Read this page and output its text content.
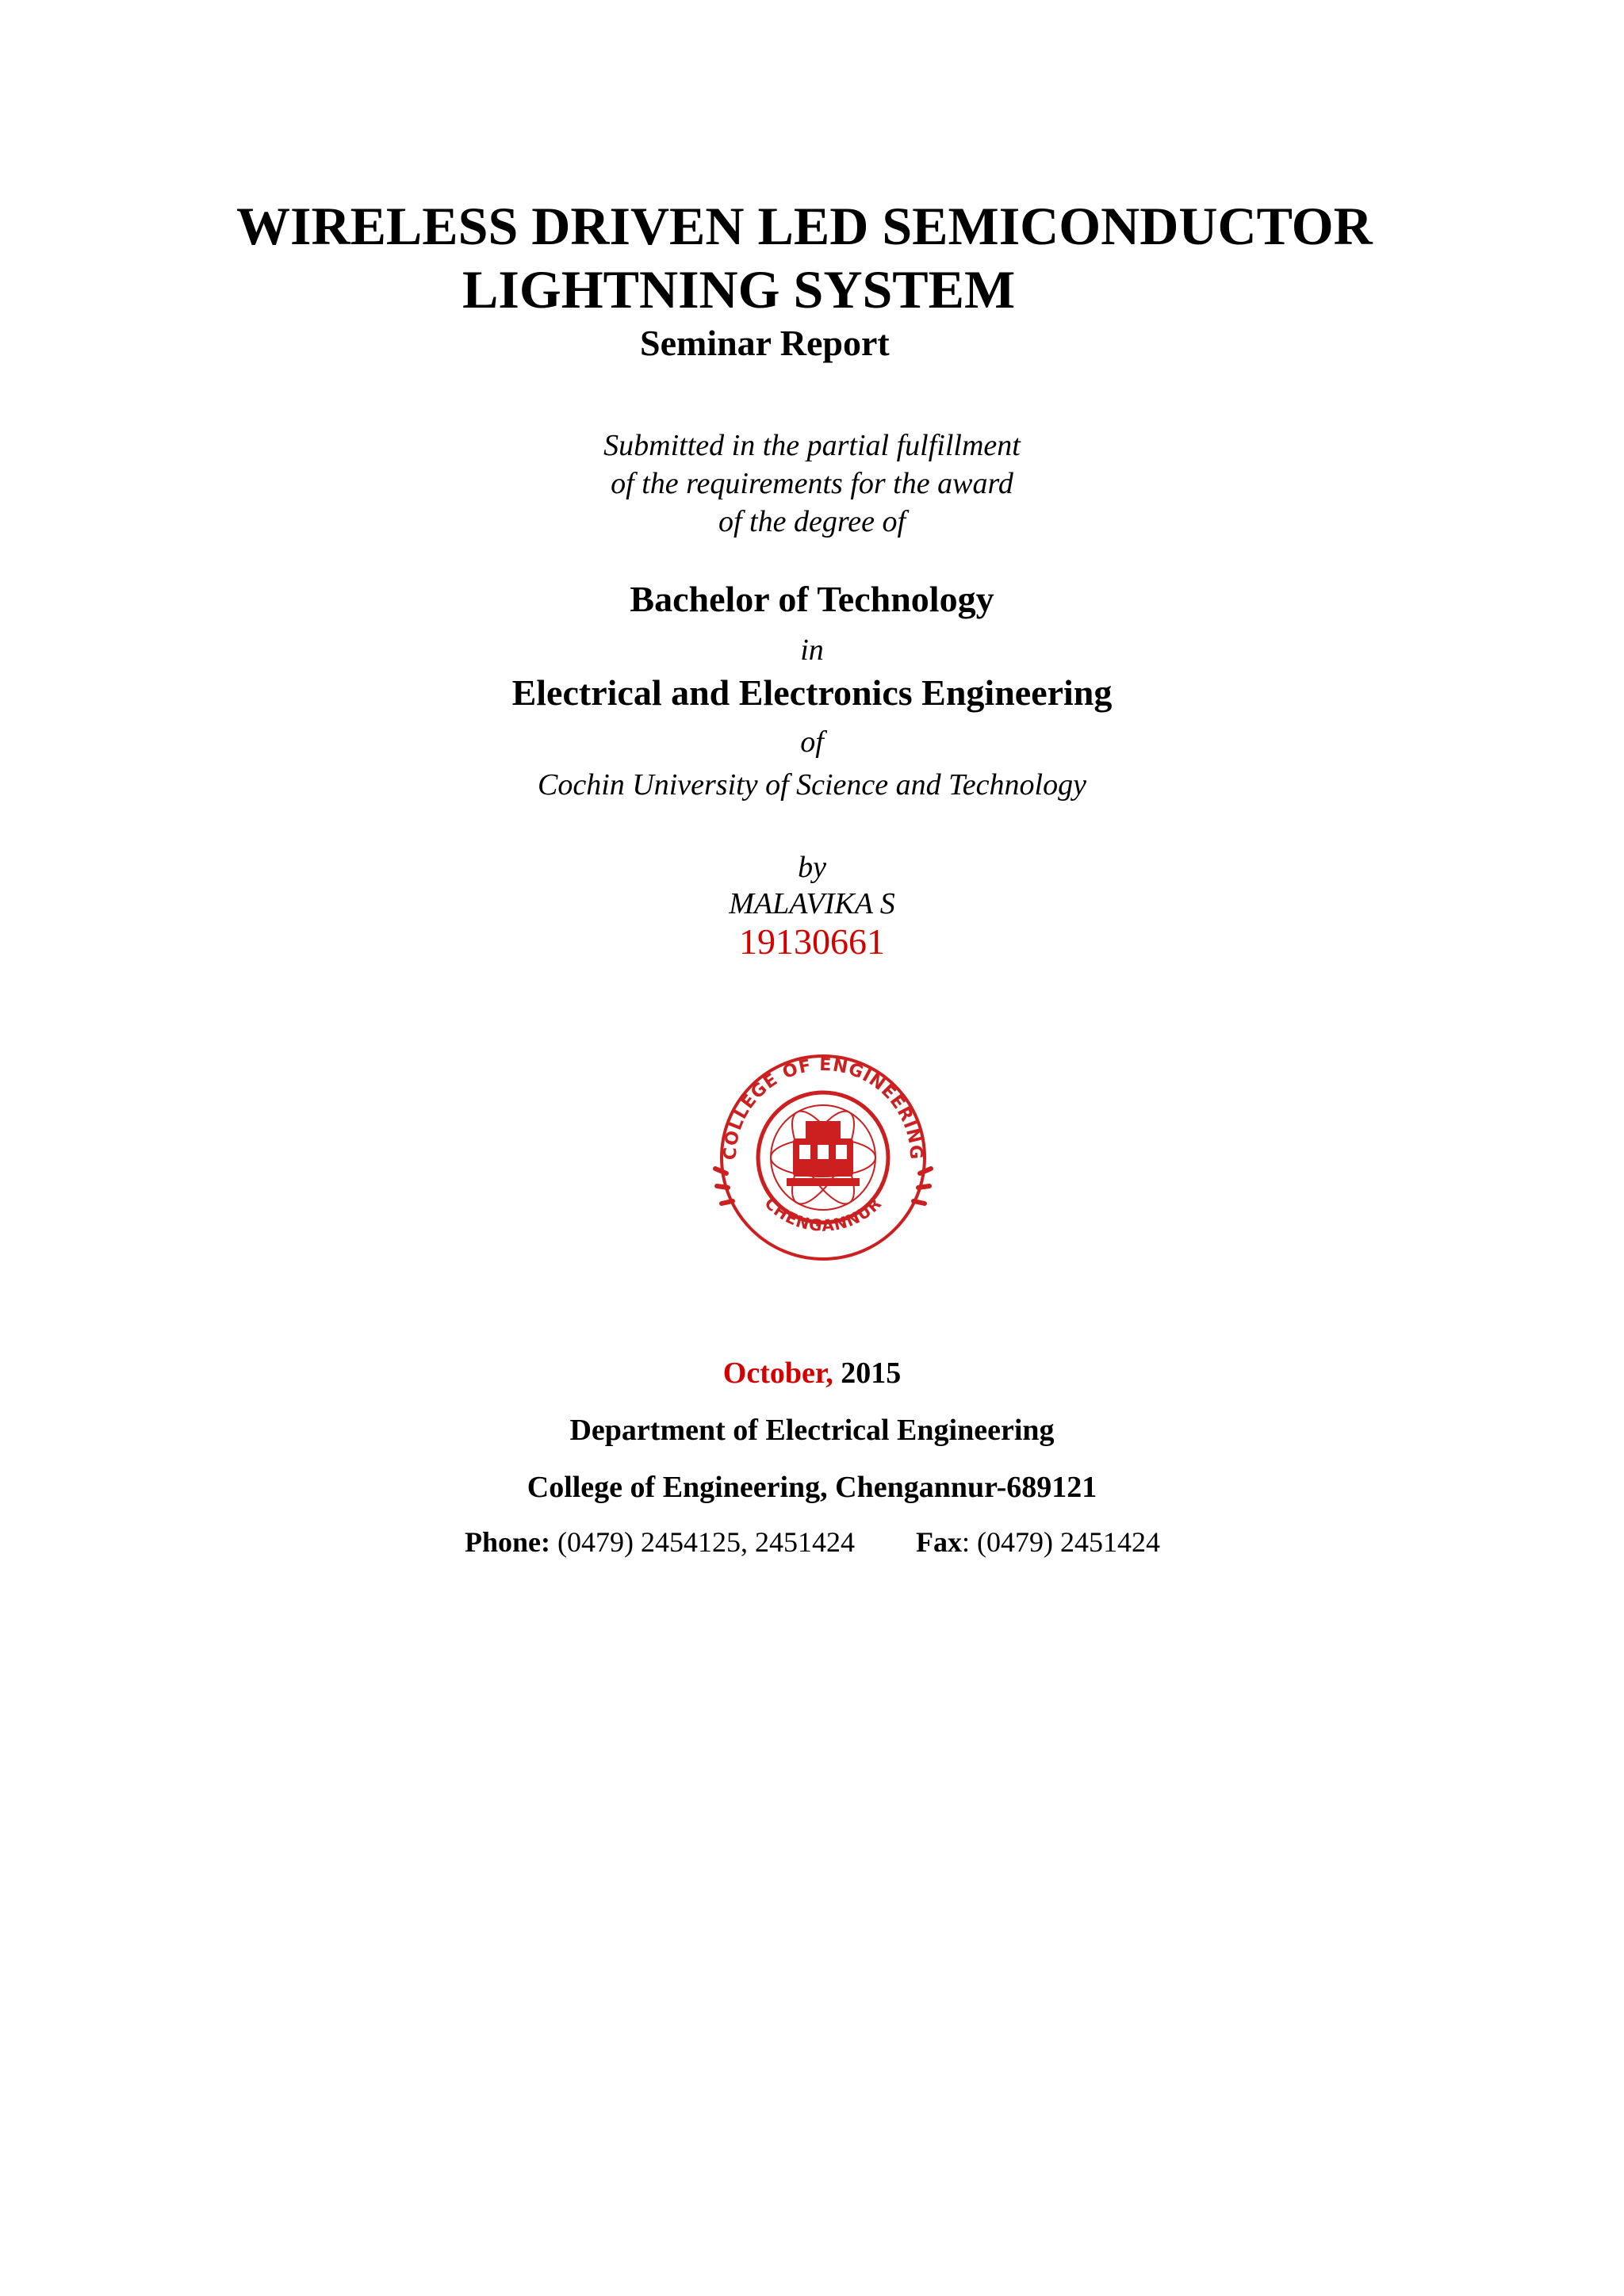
WIRELESS DRIVEN LED SEMICONDUCTOR
LIGHTNING SYSTEM
Seminar Report
Submitted in the partial fulfillment
of the requirements for the award
of the degree of
Bachelor of Technology
in
Electrical and Electronics Engineering
of
Cochin University of Science and Technology
by
MALAVIKA S
19130661
COLLEGE OF ENGINEERING
CHENGANNUR
October, 2015
Department of Electrical Engineering
College of Engineering, Chengannur-689121
Phone: (0479) 2454125, 2451424 Fax: (0479) 2451424
